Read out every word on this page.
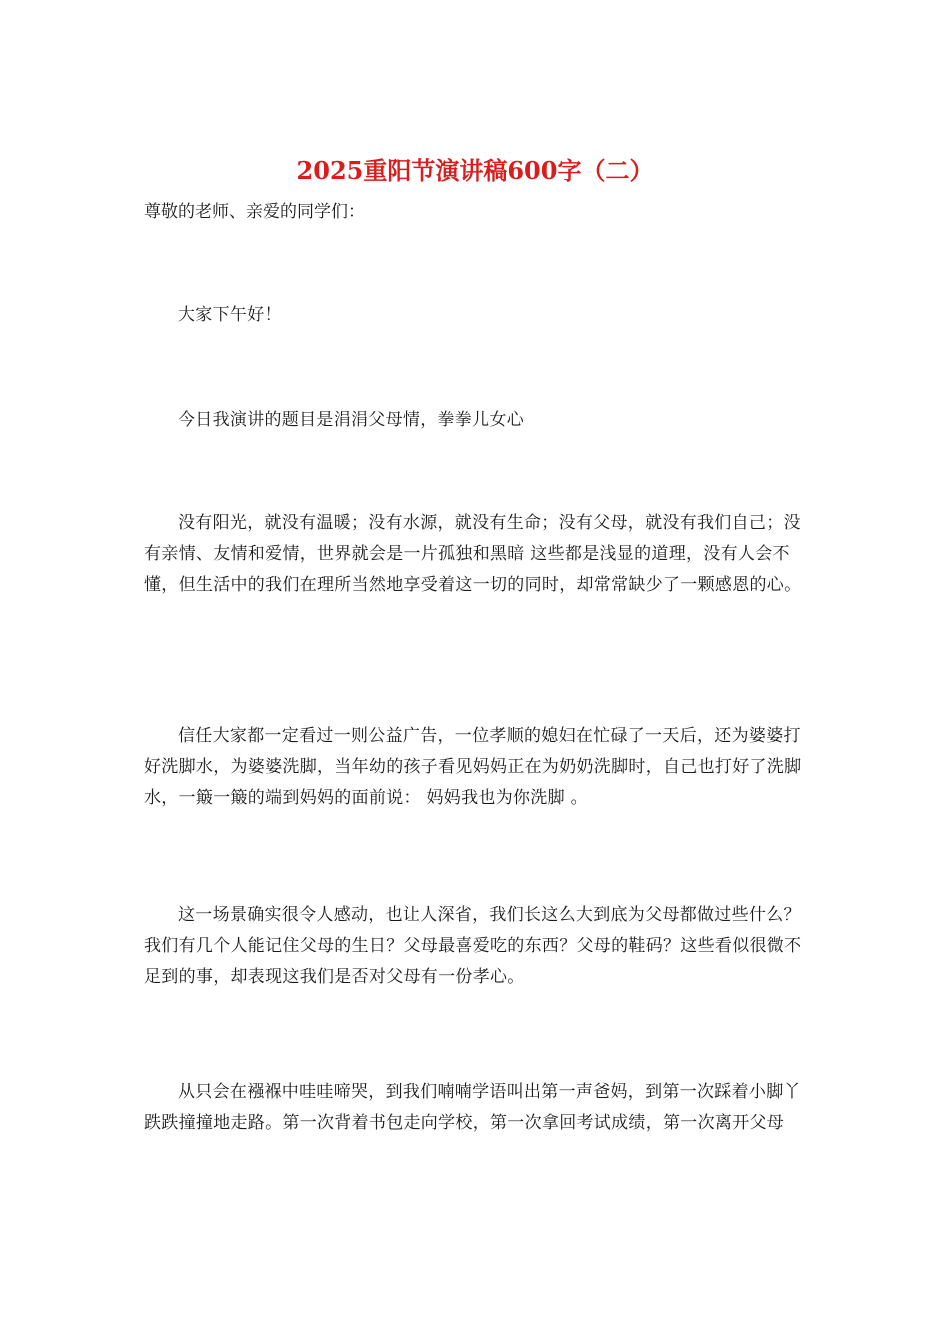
2025重阳节演讲稿600字（二）

尊敬的老师、亲爱的同学们：

大家下午好！

今日我演讲的题目是涓涓父母情，拳拳儿女心

没有阳光，就没有温暖；没有水源，就没有生命；没有父母，就没有我们自己；没有亲情、友情和爱情，世界就会是一片孤独和黑暗 这些都是浅显的道理，没有人会不懂，但生活中的我们在理所当然地享受着这一切的同时，却常常缺少了一颗感恩的心。

信任大家都一定看过一则公益广告，一位孝顺的媳妇在忙碌了一天后，还为婆婆打好洗脚水，为婆婆洗脚，当年幼的孩子看见妈妈正在为奶奶洗脚时，自己也打好了洗脚水，一簸一簸的端到妈妈的面前说： 妈妈我也为你洗脚 。

这一场景确实很令人感动，也让人深省，我们长这么大到底为父母都做过些什么？我们有几个人能记住父母的生日？父母最喜爱吃的东西？父母的鞋码？这些看似很微不足到的事，却表现这我们是否对父母有一份孝心。

从只会在襁褓中哇哇啼哭，到我们喃喃学语叫出第一声爸妈，到第一次踩着小脚丫跌跌撞撞地走路。第一次背着书包走向学校，第一次拿回考试成绩，第一次离开父母
